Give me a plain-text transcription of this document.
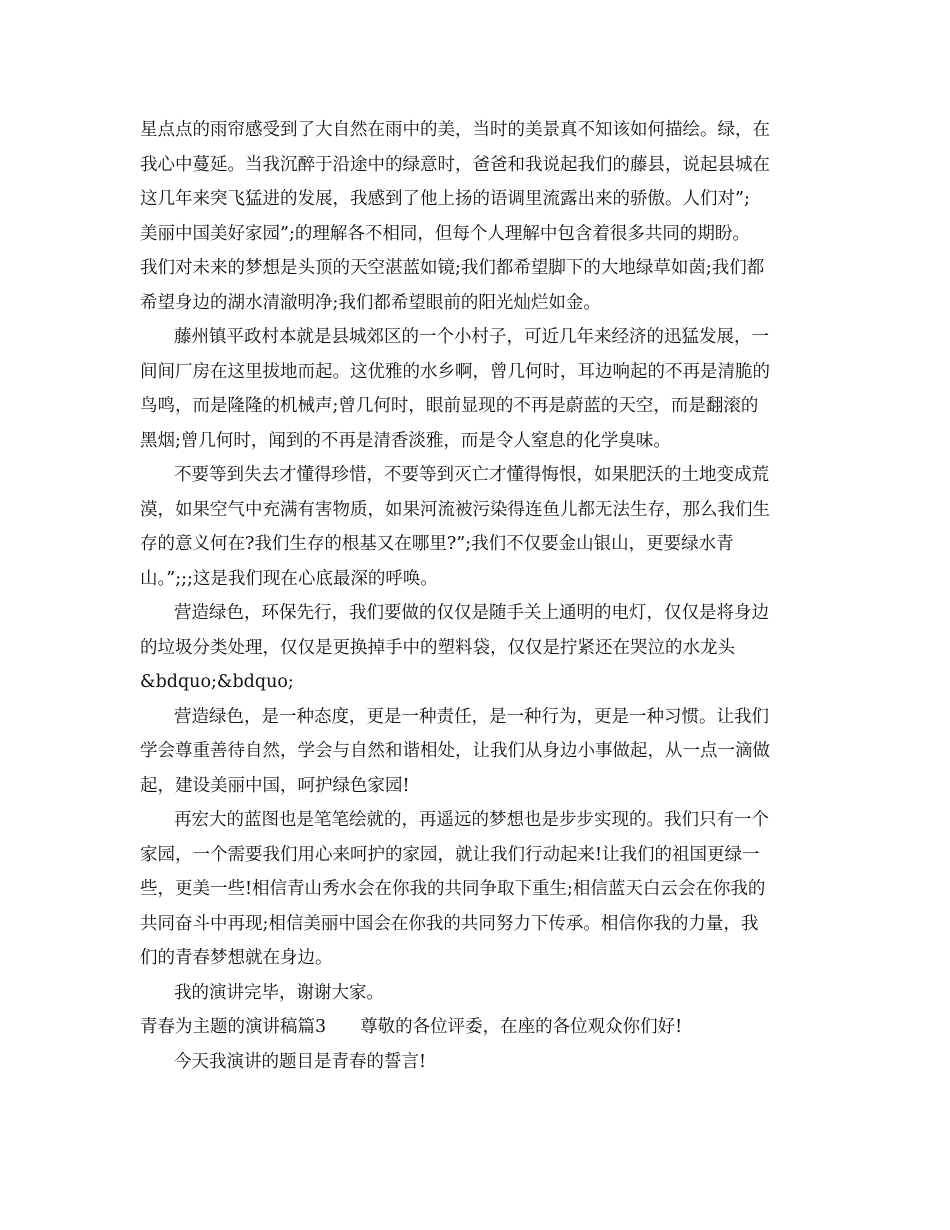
星点点的雨帘感受到了大自然在雨中的美，当时的美景真不知该如何描绘。绿，在
我心中蔓延。当我沉醉于沿途中的绿意时，爸爸和我说起我们的藤县，说起县城在
这几年来突飞猛进的发展，我感到了他上扬的语调里流露出来的骄傲。人们对”;
美丽中国美好家园”;的理解各不相同，但每个人理解中包含着很多共同的期盼。
我们对未来的梦想是头顶的天空湛蓝如镜;我们都希望脚下的大地绿草如茵;我们都
希望身边的湖水清澈明净;我们都希望眼前的阳光灿烂如金。
藤州镇平政村本就是县城郊区的一个小村子，可近几年来经济的迅猛发展，一
间间厂房在这里拔地而起。这优雅的水乡啊，曾几何时，耳边响起的不再是清脆的
鸟鸣，而是隆隆的机械声;曾几何时，眼前显现的不再是蔚蓝的天空，而是翻滚的
黑烟;曾几何时，闻到的不再是清香淡雅，而是令人窒息的化学臭味。
不要等到失去才懂得珍惜，不要等到灭亡才懂得悔恨，如果肥沃的土地变成荒
漠，如果空气中充满有害物质，如果河流被污染得连鱼儿都无法生存，那么我们生
存的意义何在?我们生存的根基又在哪里?”;我们不仅要金山银山，更要绿水青
山。”;;;这是我们现在心底最深的呼唤。
营造绿色，环保先行，我们要做的仅仅是随手关上通明的电灯，仅仅是将身边
的垃圾分类处理，仅仅是更换掉手中的塑料袋，仅仅是拧紧还在哭泣的水龙头
&bdquo;&bdquo;
营造绿色，是一种态度，更是一种责任，是一种行为，更是一种习惯。让我们
学会尊重善待自然，学会与自然和谐相处，让我们从身边小事做起，从一点一滴做
起，建设美丽中国，呵护绿色家园!
再宏大的蓝图也是笔笔绘就的，再遥远的梦想也是步步实现的。我们只有一个
家园，一个需要我们用心来呵护的家园，就让我们行动起来!让我们的祖国更绿一
些，更美一些!相信青山秀水会在你我的共同争取下重生;相信蓝天白云会在你我的
共同奋斗中再现;相信美丽中国会在你我的共同努力下传承。相信你我的力量，我
们的青春梦想就在身边。
我的演讲完毕，谢谢大家。
青春为主题的演讲稿篇3 尊敬的各位评委，在座的各位观众你们好!
今天我演讲的题目是青春的誓言!
